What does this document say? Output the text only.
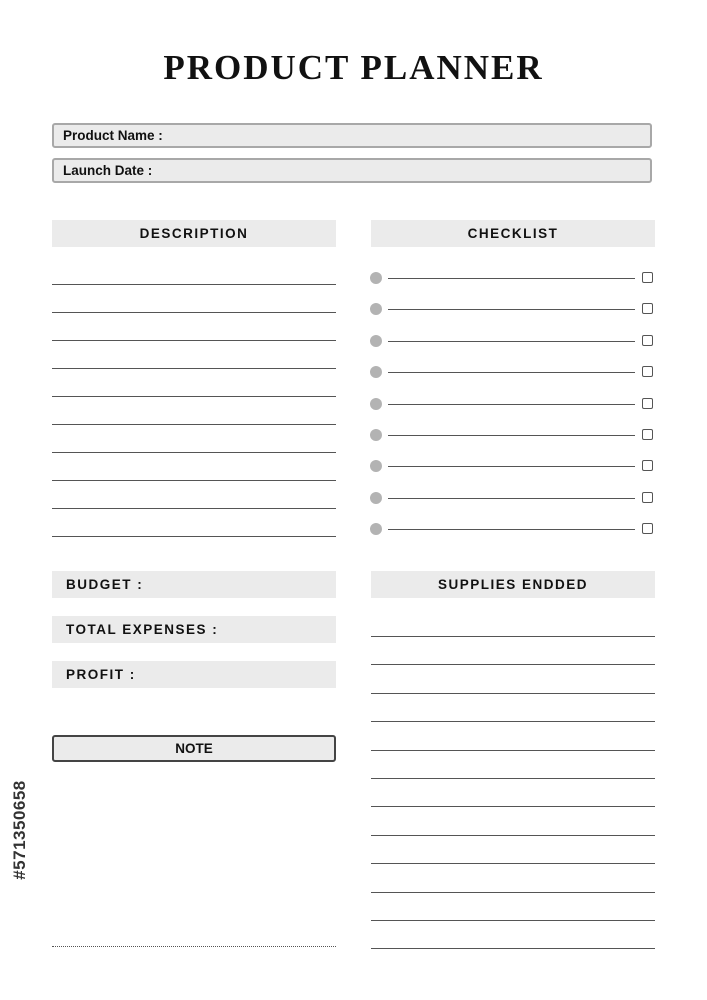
PRODUCT PLANNER
Product Name :
Launch Date :
DESCRIPTION	CHECKLIST
BUDGET :
TOTAL EXPENSES :
PROFIT :
SUPPLIES ENDDED
NOTE
#571350658
